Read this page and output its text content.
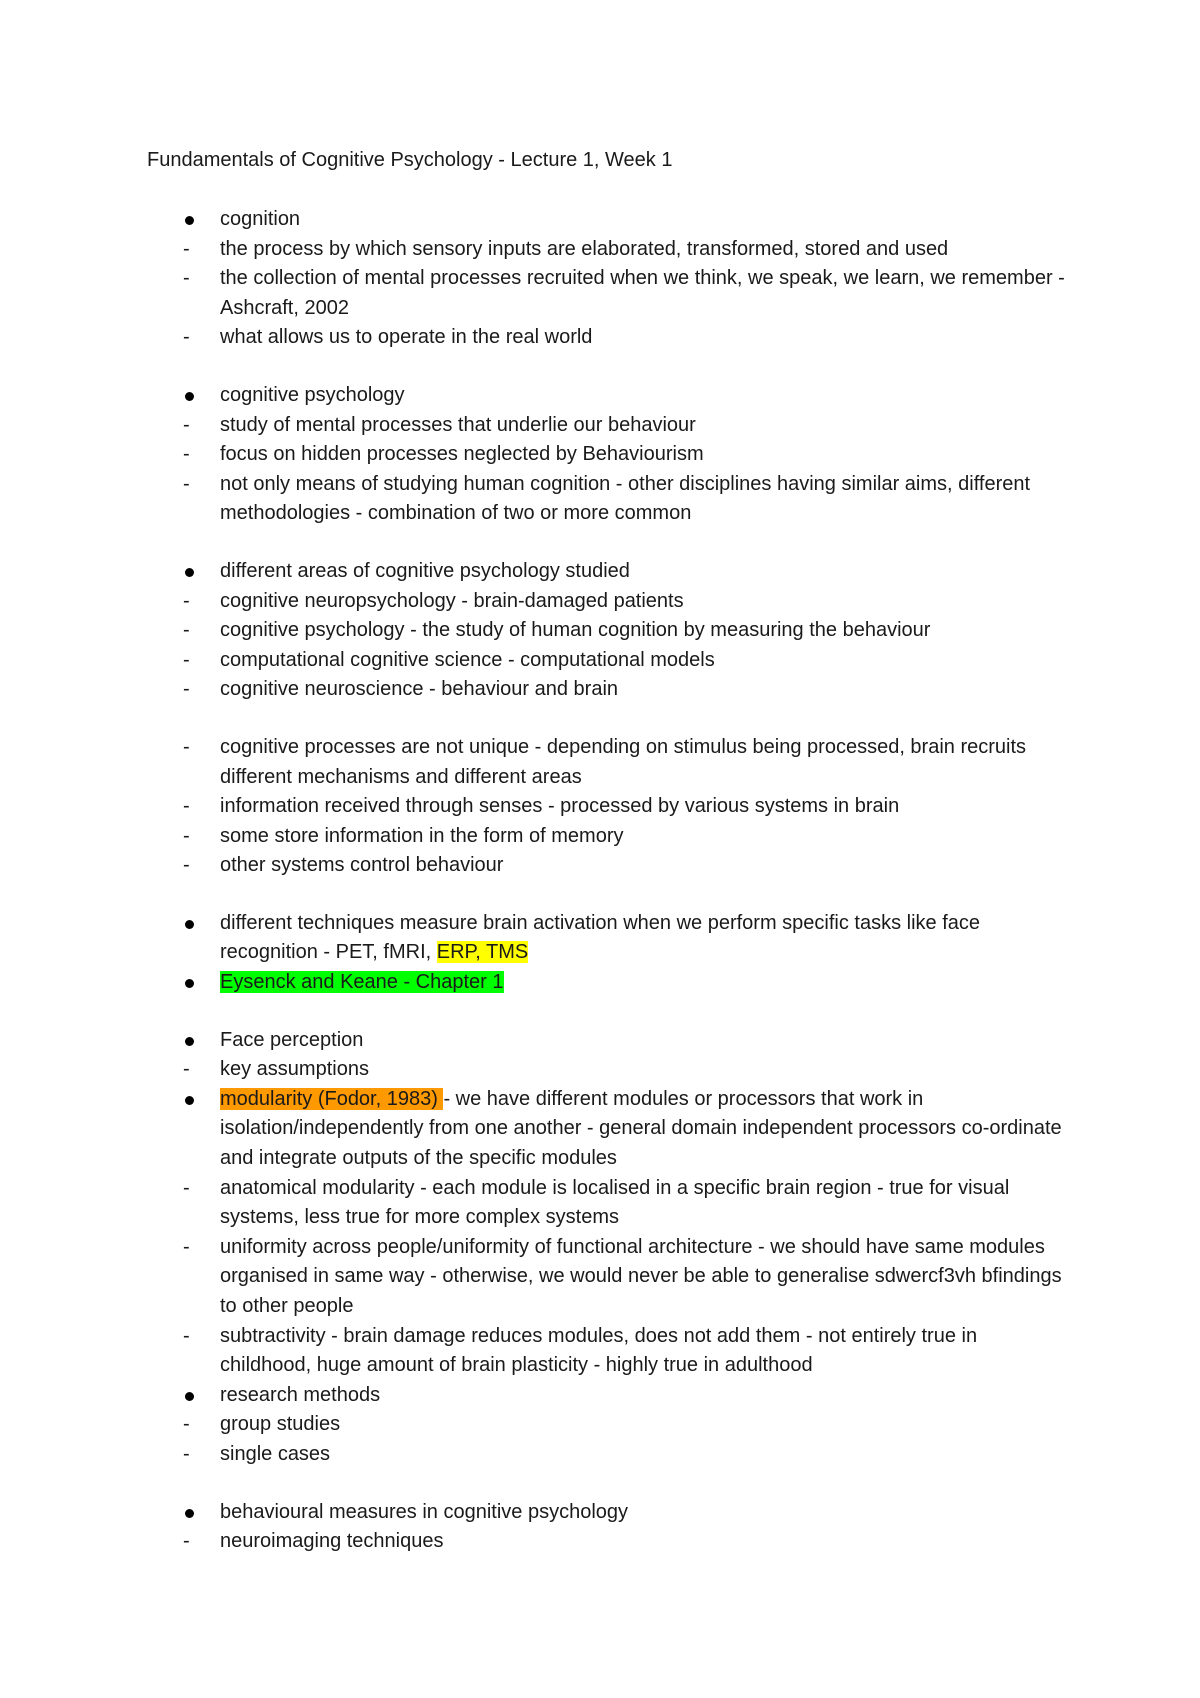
Fundamentals of Cognitive Psychology - Lecture 1, Week 1
cognition
-	the process by which sensory inputs are elaborated, transformed, stored and used
-	the collection of mental processes recruited when we think, we speak, we learn, we remember - Ashcraft, 2002
-	what allows us to operate in the real world
cognitive psychology
-	study of mental processes that underlie our behaviour
-	focus on hidden processes neglected by Behaviourism
-	not only means of studying human cognition - other disciplines having similar aims, different methodologies - combination of two or more common
different areas of cognitive psychology studied
-	cognitive neuropsychology - brain-damaged patients
-	cognitive psychology - the study of human cognition by measuring the behaviour
-	computational cognitive science - computational models
-	cognitive neuroscience - behaviour and brain
-	cognitive processes are not unique - depending on stimulus being processed, brain recruits different mechanisms and different areas
-	information received through senses - processed by various systems in brain
-	some store information in the form of memory
-	other systems control behaviour
different techniques measure brain activation when we perform specific tasks like face recognition - PET, fMRI, ERP, TMS
Eysenck and Keane - Chapter 1
Face perception
-	key assumptions
modularity (Fodor, 1983) - we have different modules or processors that work in isolation/independently from one another - general domain independent processors co-ordinate and integrate outputs of the specific modules
-	anatomical modularity - each module is localised in a specific brain region - true for visual systems, less true for more complex systems
-	uniformity across people/uniformity of functional architecture - we should have same modules organised in same way - otherwise, we would never be able to generalise sdwercf3vh bfindings to other people
-	subtractivity - brain damage reduces modules, does not add them - not entirely true in childhood, huge amount of brain plasticity - highly true in adulthood
research methods
-	group studies
-	single cases
behavioural measures in cognitive psychology
-	neuroimaging techniques
